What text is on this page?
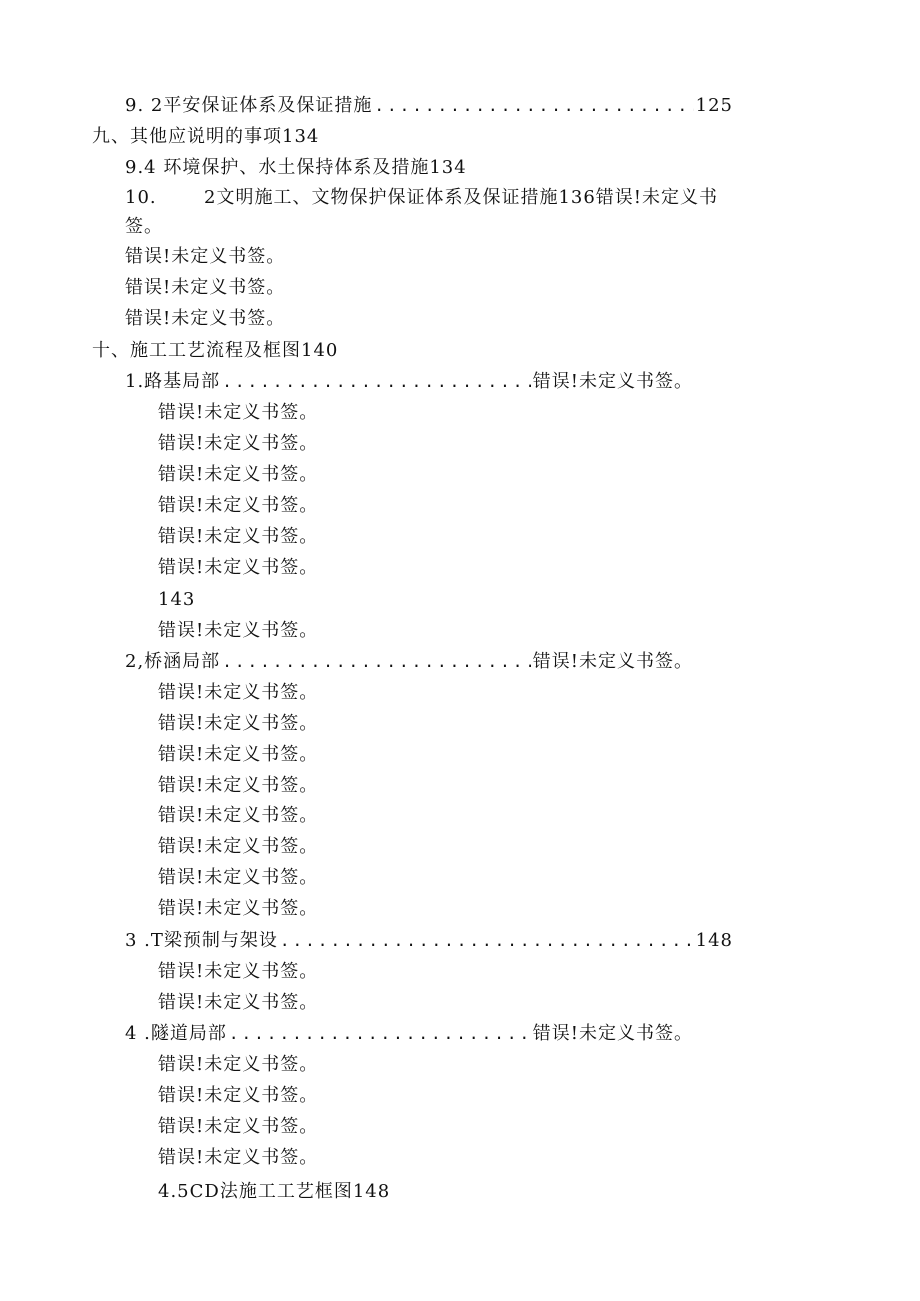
9. 2平安保证体系及保证措施 .....	125
九、其他应说明的事项134
9.4 环境保护、水土保持体系及措施134
10.	2文明施工、文物保护保证体系及保证措施136错误!未定义书
签。
错误!未定义书签。
错误!未定义书签。
错误!未定义书签。
十、施工工艺流程及框图140
1.路基局部 .....	错误!未定义书签。
错误!未定义书签。
错误!未定义书签。
错误!未定义书签。
错误!未定义书签。
错误!未定义书签。
错误!未定义书签。
143
错误!未定义书签。
2,桥涵局部 .....	错误!未定义书签。
错误!未定义书签。
错误!未定义书签。
错误!未定义书签。
错误!未定义书签。
错误!未定义书签。
错误!未定义书签。
错误!未定义书签。
错误!未定义书签。
3 .T梁预制与架设 .....	148
错误!未定义书签。
错误!未定义书签。
4 .隧道局部 .....	错误!未定义书签。
错误!未定义书签。
错误!未定义书签。
错误!未定义书签。
错误!未定义书签。
4.5CD法施工工艺框图148
